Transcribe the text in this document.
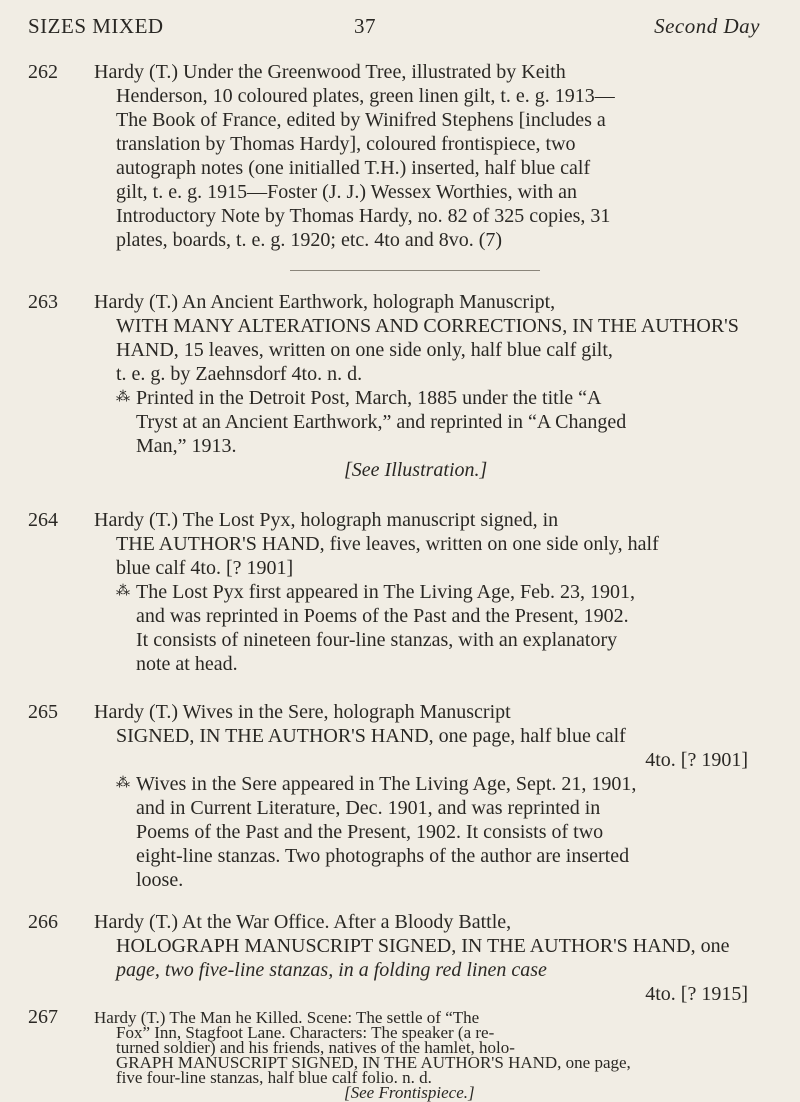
SIZES MIXED	37	Second Day
262	Hardy (T.) Under the Greenwood Tree, illustrated by Keith
Henderson, 10 coloured plates, green linen gilt, t. e. g. 1913—
The Book of France, edited by Winifred Stephens [includes a
translation by Thomas Hardy], coloured frontispiece, two
autograph notes (one initialled T.H.) inserted, half blue calf
gilt, t. e. g. 1915—Foster (J. J.) Wessex Worthies, with an
Introductory Note by Thomas Hardy, no. 82 of 325 copies, 31
plates, boards, t. e. g. 1920; etc. 4to and 8vo. (7)
263	Hardy (T.) An Ancient Earthwork, holograph Manuscript,
WITH MANY ALTERATIONS AND CORRECTIONS, IN THE AUTHOR'S
HAND, 15 leaves, written on one side only, half blue calf gilt,
t. e. g. by Zaehnsdorf 4to. n. d.
⁂ Printed in the Detroit Post, March, 1885 under the title “A
Tryst at an Ancient Earthwork,” and reprinted in “A Changed
Man,” 1913.
[See Illustration.]
264	Hardy (T.) The Lost Pyx, holograph manuscript signed, in
THE AUTHOR'S HAND, five leaves, written on one side only, half
blue calf 4to. [? 1901]
⁂ The Lost Pyx first appeared in The Living Age, Feb. 23, 1901,
and was reprinted in Poems of the Past and the Present, 1902.
It consists of nineteen four-line stanzas, with an explanatory
note at head.
265	Hardy (T.) Wives in the Sere, holograph Manuscript
SIGNED, IN THE AUTHOR'S HAND, one page, half blue calf
4to. [? 1901]
⁂ Wives in the Sere appeared in The Living Age, Sept. 21, 1901,
and in Current Literature, Dec. 1901, and was reprinted in
Poems of the Past and the Present, 1902. It consists of two
eight-line stanzas. Two photographs of the author are inserted
loose.
266	Hardy (T.) At the War Office. After a Bloody Battle,
HOLOGRAPH MANUSCRIPT SIGNED, IN THE AUTHOR'S HAND, one
page, two five-line stanzas, in a folding red linen case
4to. [? 1915]
267	Hardy (T.) The Man he Killed. Scene: The settle of “The
Fox” Inn, Stagfoot Lane. Characters: The speaker (a re-
turned soldier) and his friends, natives of the hamlet, holo-
GRAPH MANUSCRIPT SIGNED, IN THE AUTHOR'S HAND, one page,
five four-line stanzas, half blue calf folio. n. d.
[See Frontispiece.]
